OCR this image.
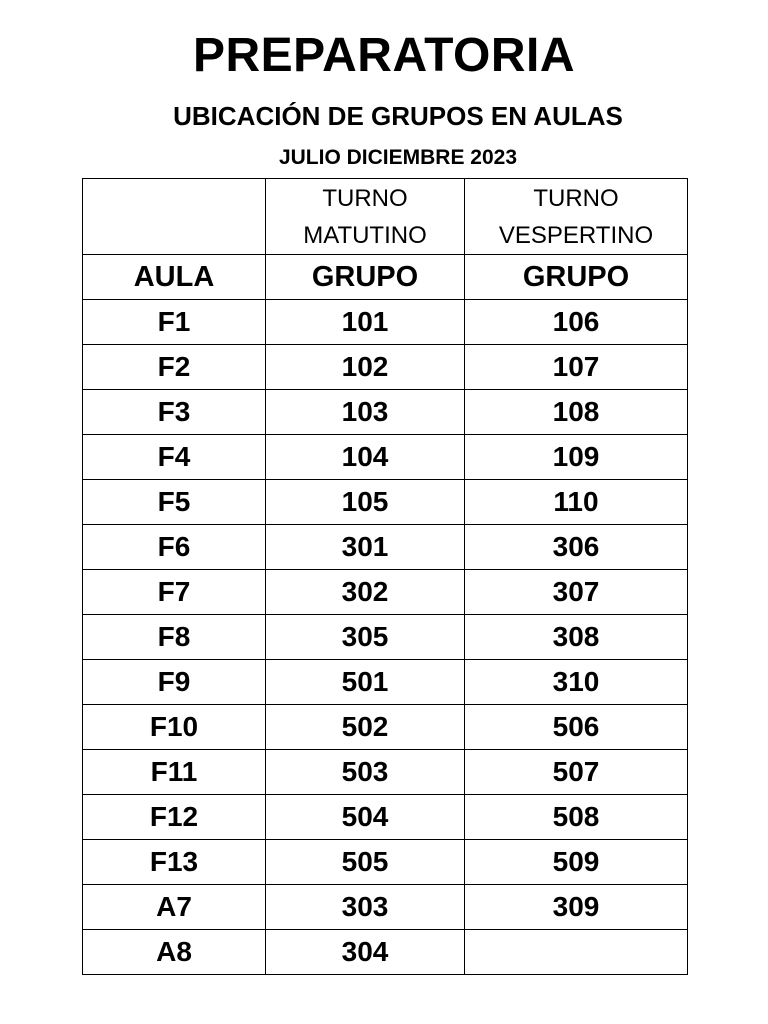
PREPARATORIA
UBICACIÓN DE GRUPOS EN AULAS
JULIO DICIEMBRE 2023

	TURNO
MATUTINO	TURNO
VESPERTINO

AULA	GRUPO	GRUPO
F1	101	106
F2	102	107
F3	103	108
F4	104	109
F5	105	110
F6	301	306
F7	302	307
F8	305	308
F9	501	310
F10	502	506
F11	503	507
F12	504	508
F13	505	509
A7	303	309
A8	304	
